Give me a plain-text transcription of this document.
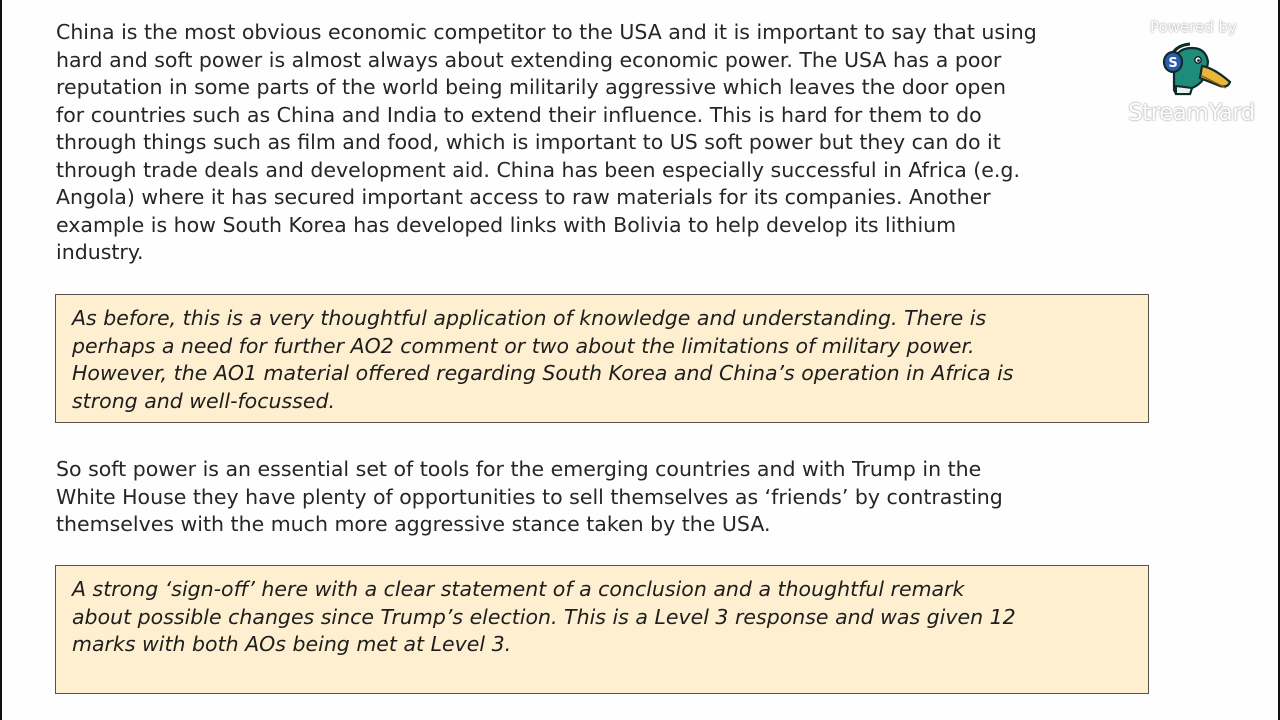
China is the most obvious economic competitor to the USA and it is important to say that using
hard and soft power is almost always about extending economic power. The USA has a poor
reputation in some parts of the world being militarily aggressive which leaves the door open
for countries such as China and India to extend their influence. This is hard for them to do
through things such as film and food, which is important to US soft power but they can do it
through trade deals and development aid. China has been especially successful in Africa (e.g.
Angola) where it has secured important access to raw materials for its companies. Another
example is how South Korea has developed links with Bolivia to help develop its lithium
industry.
As before, this is a very thoughtful application of knowledge and understanding. There is
perhaps a need for further AO2 comment or two about the limitations of military power.
However, the AO1 material offered regarding South Korea and China’s operation in Africa is
strong and well-focussed.
So soft power is an essential set of tools for the emerging countries and with Trump in the
White House they have plenty of opportunities to sell themselves as ‘friends’ by contrasting
themselves with the much more aggressive stance taken by the USA.
A strong ‘sign-off’ here with a clear statement of a conclusion and a thoughtful remark
about possible changes since Trump’s election. This is a Level 3 response and was given 12
marks with both AOs being met at Level 3.
Powered by
S
StreamYard
